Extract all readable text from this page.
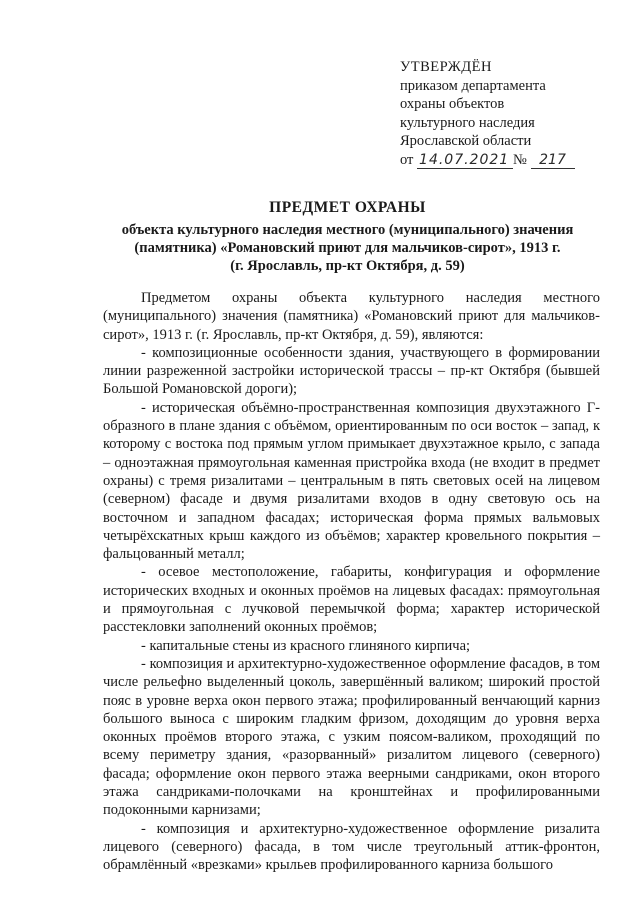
УТВЕРЖДЁН
приказом департамента
охраны объектов
культурного наследия
Ярославской области
от 14.07.2021 № 217
ПРЕДМЕТ ОХРАНЫ
объекта культурного наследия местного (муниципального) значения
(памятника) «Романовский приют для мальчиков-сирот», 1913 г.
(г. Ярославль, пр-кт Октября, д. 59)

Предметом охраны объекта культурного наследия местного (муниципального) значения (памятника) «Романовский приют для мальчиков-сирот», 1913 г. (г. Ярославль, пр-кт Октября, д. 59), являются:

- композиционные особенности здания, участвующего в формировании линии разреженной застройки исторической трассы – пр-кт Октября (бывшей Большой Романовской дороги);

- историческая объёмно-пространственная композиция двухэтажного Г-образного в плане здания с объёмом, ориентированным по оси восток – запад, к которому с востока под прямым углом примыкает двухэтажное крыло, с запада – одноэтажная прямоугольная каменная пристройка входа (не входит в предмет охраны) с тремя ризалитами – центральным в пять световых осей на лицевом (северном) фасаде и двумя ризалитами входов в одну световую ось на восточном и западном фасадах; историческая форма прямых вальмовых четырёхскатных крыш каждого из объёмов; характер кровельного покрытия – фальцованный металл;

- осевое местоположение, габариты, конфигурация и оформление исторических входных и оконных проёмов на лицевых фасадах: прямоугольная и прямоугольная с лучковой перемычкой форма; характер исторической расстекловки заполнений оконных проёмов;

- капитальные стены из красного глиняного кирпича;

- композиция и архитектурно-художественное оформление фасадов, в том числе рельефно выделенный цоколь, завершённый валиком; широкий простой пояс в уровне верха окон первого этажа; профилированный венчающий карниз большого выноса с широким гладким фризом, доходящим до уровня верха оконных проёмов второго этажа, с узким поясом-валиком, проходящий по всему периметру здания, «разорванный» ризалитом лицевого (северного) фасада; оформление окон первого этажа веерными сандриками, окон второго этажа сандриками-полочками на кронштейнах и профилированными подоконными карнизами;

- композиция и архитектурно-художественное оформление ризалита лицевого (северного) фасада, в том числе треугольный аттик-фронтон, обрамлённый «врезками» крыльев профилированного карниза большого
